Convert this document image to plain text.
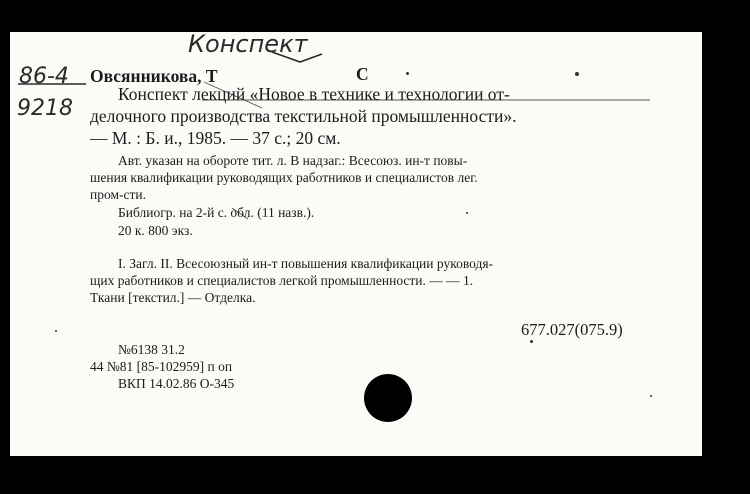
Конспект
86-4
9218
Овсянникова, Т	С
Конспект лекций «Новое в технике и технологии от-
делочного производства текстильной промышленности».
— М. : Б. и., 1985. — 37 с.; 20 см.
Авт. указан на обороте тит. л. В надзаг.: Всесоюз. ин-т повы-
шения квалификации руководящих работников и специалистов лег.
пром-сти.
Библиогр. на 2-й с. обл. (11 назв.).
20 к. 800 экз.
I. Загл. II. Всесоюзный ин-т повышения квалификации руководя-
щих работников и специалистов легкой промышленности. — — 1.
Ткани [текстил.] — Отделка.
677.027(075.9)
№6138 31.2
44 №81 [85-102959] п оп
ВКП 14.02.86 О-345
